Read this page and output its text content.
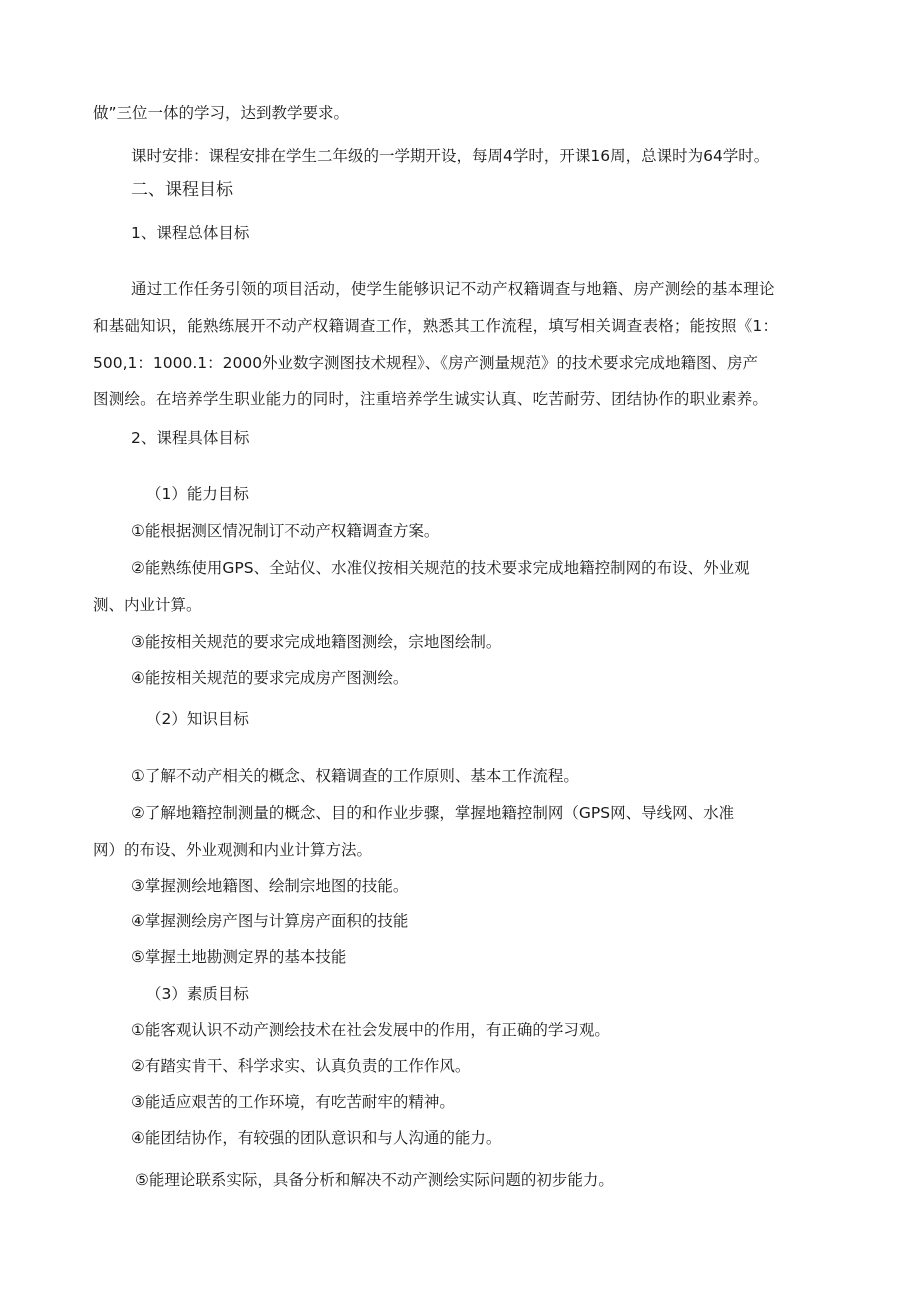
做”三位一体的学习，达到教学要求。
课时安排：课程安排在学生二年级的一学期开设，每周4学时，开课16周，总课时为64学时。
二、课程目标
1、课程总体目标
通过工作任务引领的项目活动，使学生能够识记不动产权籍调查与地籍、房产测绘的基本理论
和基础知识，能熟练展开不动产权籍调查工作，熟悉其工作流程，填写相关调查表格；能按照《1：
500,1：1000.1：2000外业数字测图技术规程》、《房产测量规范》的技术要求完成地籍图、房产
图测绘。在培养学生职业能力的同时，注重培养学生诚实认真、吃苦耐劳、团结协作的职业素养。
2、课程具体目标
（1）能力目标
①能根据测区情况制订不动产权籍调查方案。
②能熟练使用GPS、全站仪、水准仪按相关规范的技术要求完成地籍控制网的布设、外业观
测、内业计算。
③能按相关规范的要求完成地籍图测绘，宗地图绘制。
④能按相关规范的要求完成房产图测绘。
（2）知识目标
①了解不动产相关的概念、权籍调查的工作原则、基本工作流程。
②了解地籍控制测量的概念、目的和作业步骤，掌握地籍控制网（GPS网、导线网、水准
网）的布设、外业观测和内业计算方法。
③掌握测绘地籍图、绘制宗地图的技能。
④掌握测绘房产图与计算房产面积的技能
⑤掌握土地勘测定界的基本技能
（3）素质目标
①能客观认识不动产测绘技术在社会发展中的作用，有正确的学习观。
②有踏实肯干、科学求实、认真负责的工作作风。
③能适应艰苦的工作环境，有吃苦耐牢的精神。
④能团结协作，有较强的团队意识和与人沟通的能力。
⑤能理论联系实际，具备分析和解决不动产测绘实际问题的初步能力。
